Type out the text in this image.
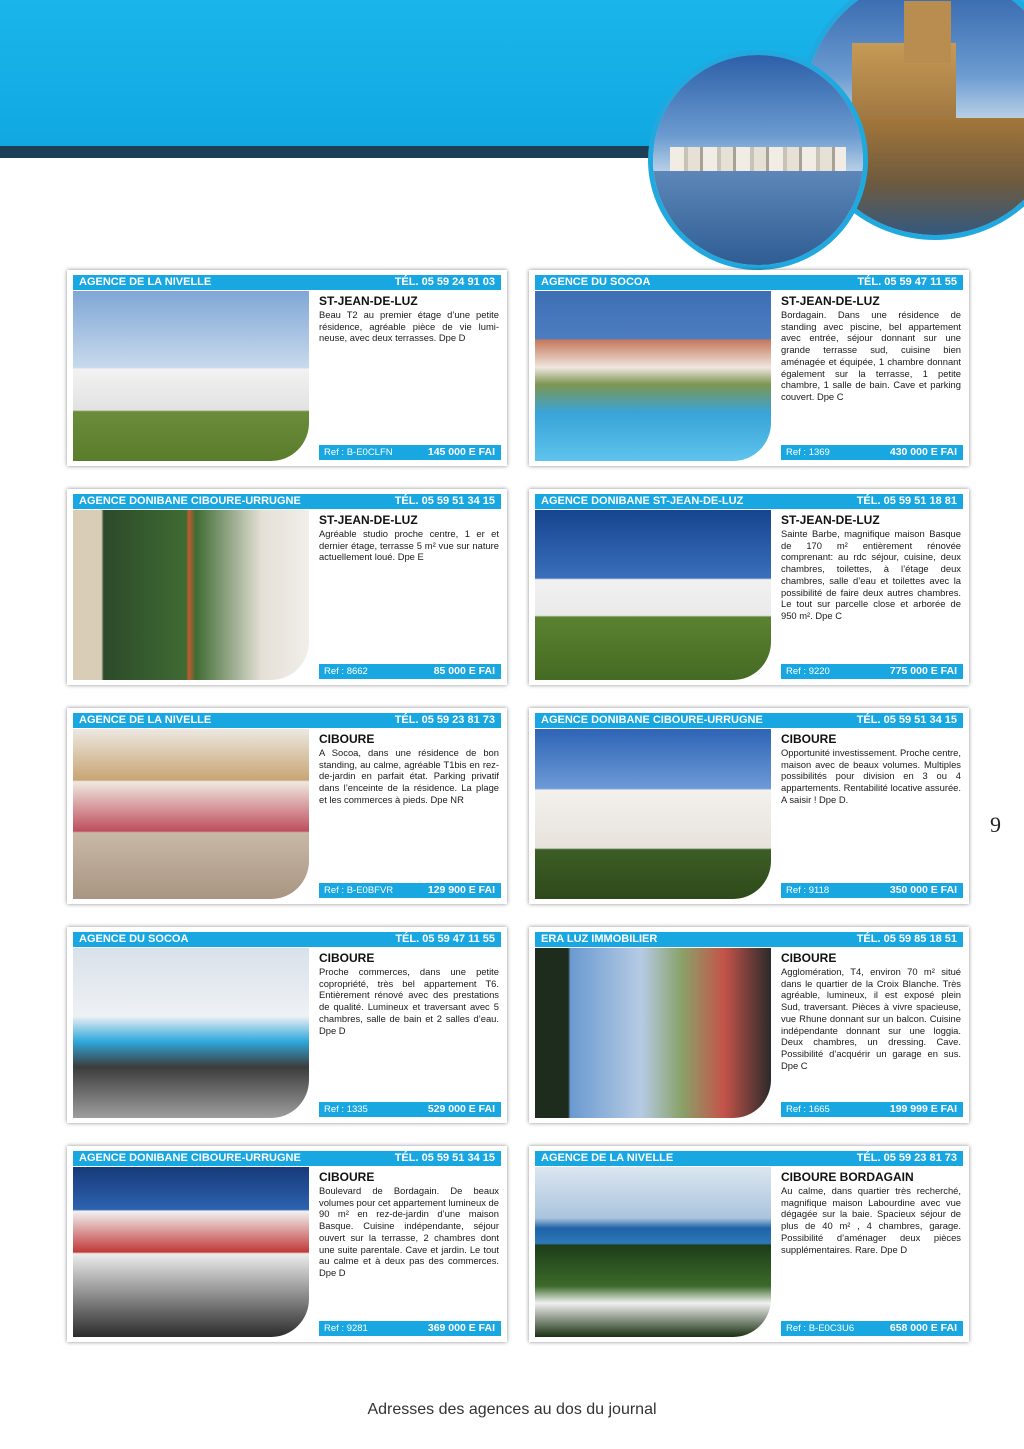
AGENCE DE LA NIVELLE	TÉL. 05 59 24 91 03
ST-JEAN-DE-LUZ
Beau T2 au premier étage d’une petite résidence, agréable pièce de vie lumineuse, avec deux terrasses. Dpe D
Ref : B-E0CLFN	145 000 E FAI
AGENCE DU SOCOA	TÉL. 05 59 47 11 55
ST-JEAN-DE-LUZ
Bordagain. Dans une résidence de standing avec piscine, bel appartement avec entrée, séjour donnant sur une grande terrasse sud, cuisine bien aménagée et équipée, 1 chambre donnant également sur la terrasse, 1 petite chambre, 1 salle de bain. Cave et parking couvert. Dpe C
Ref : 1369	430 000 E FAI
AGENCE DONIBANE CIBOURE-URRUGNE	TÉL. 05 59 51 34 15
ST-JEAN-DE-LUZ
Agréable studio proche centre, 1 er et dernier étage, terrasse 5 m² vue sur nature actuellement loué. Dpe E
Ref : 8662	85 000 E FAI
AGENCE DONIBANE ST-JEAN-DE-LUZ	TÉL. 05 59 51 18 81
ST-JEAN-DE-LUZ
Sainte Barbe, magnifique maison Basque de 170 m² entièrement rénovée comprenant: au rdc séjour, cuisine, deux chambres, toilettes, à l’étage deux chambres, salle d’eau et toilettes avec la possibilité de faire deux autres chambres. Le tout sur parcelle close et arborée de 950 m². Dpe C
Ref : 9220	775 000 E FAI
AGENCE DE LA NIVELLE	TÉL. 05 59 23 81 73
CIBOURE
A Socoa, dans une résidence de bon standing, au calme, agréable T1bis en rez-de-jardin en parfait état. Parking privatif dans l’enceinte de la résidence. La plage et les commerces à pieds. Dpe NR
Ref : B-E0BFVR	129 900 E FAI
AGENCE DONIBANE CIBOURE-URRUGNE	TÉL. 05 59 51 34 15
CIBOURE
Opportunité investissement. Proche centre, maison avec de beaux volumes. Multiples possibilités pour division en 3 ou 4 appartements. Rentabilité locative assurée. A saisir ! Dpe D.
Ref : 9118	350 000 E FAI
AGENCE DU SOCOA	TÉL. 05 59 47 11 55
CIBOURE
Proche commerces, dans une petite copropriété, très bel appartement T6. Entièrement rénové avec des prestations de qualité. Lumineux et traversant avec 5 chambres, salle de bain et 2 salles d’eau. Dpe D
Ref : 1335	529 000 E FAI
ERA LUZ IMMOBILIER	TÉL. 05 59 85 18 51
CIBOURE
Agglomération, T4, environ 70 m² situé dans le quartier de la Croix Blanche. Très agréable, lumineux, il est exposé plein Sud, traversant. Pièces à vivre spacieuse, vue Rhune donnant sur un balcon. Cuisine indépendante donnant sur une loggia. Deux chambres, un dressing. Cave. Possibilité d’acquérir un garage en sus. Dpe C
Ref : 1665	199 999 E FAI
AGENCE DONIBANE CIBOURE-URRUGNE	TÉL. 05 59 51 34 15
CIBOURE
Boulevard de Bordagain. De beaux volumes pour cet appartement lumineux de 90 m² en rez-de-jardin d’une maison Basque. Cuisine indépendante, séjour ouvert sur la terrasse, 2 chambres dont une suite parentale. Cave et jardin. Le tout au calme et à deux pas des commerces. Dpe D
Ref : 9281	369 000 E FAI
AGENCE DE LA NIVELLE	TÉL. 05 59 23 81 73
CIBOURE BORDAGAIN
Au calme, dans quartier très recherché, magnifique maison Labourdine avec vue dégagée sur la baie. Spacieux séjour de plus de 40 m² , 4 chambres, garage. Possibilité d’aménager deux pièces supplémentaires. Rare. Dpe D
Ref : B-E0C3U6	658 000 E FAI
9
Adresses des agences au dos du journal
